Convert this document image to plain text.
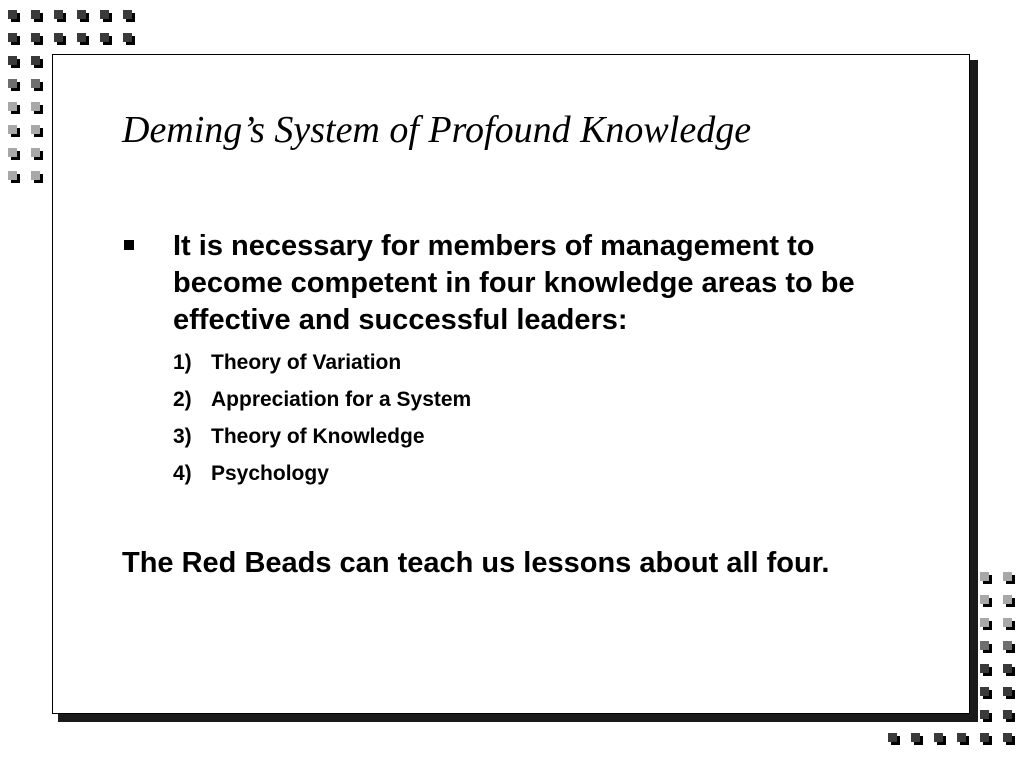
Deming’s System of Profound Knowledge

It is necessary for members of management to become competent in four knowledge areas to be effective and successful leaders:

1) Theory of Variation
2) Appreciation for a System
3) Theory of Knowledge
4) Psychology

The Red Beads can teach us lessons about all four.
